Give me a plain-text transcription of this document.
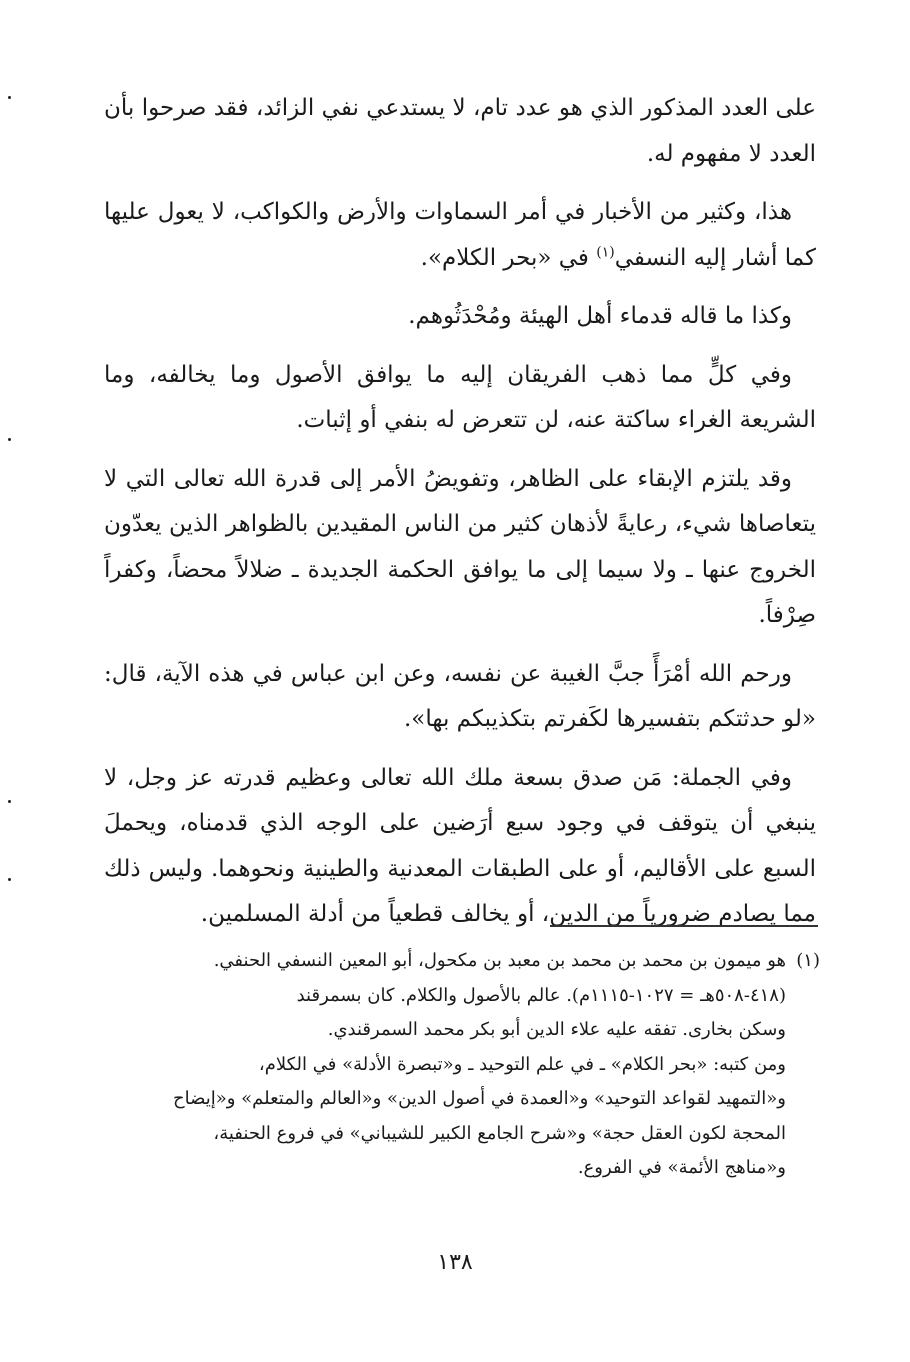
على العدد المذكور الذي هو عدد تام، لا يستدعي نفي الزائد، فقد صرحوا بأن العدد لا مفهوم له.

هذا، وكثير من الأخبار في أمر السماوات والأرض والكواكب، لا يعول عليها كما أشار إليه النسفي$^{(١)}$ في «بحر الكلام».

وكذا ما قاله قدماء أهل الهيئة ومُحْدَثُوهم.

وفي كلٍّ مما ذهب الفريقان إليه ما يوافق الأصول وما يخالفه، وما الشريعة الغراء ساكتة عنه، لن تتعرض له بنفي أو إثبات.

وقد يلتزم الإبقاء على الظاهر، وتفويضُ الأمر إلى قدرة الله تعالى التي لا يتعاصاها شيء، رعايةً لأذهان كثير من الناس المقيدين بالظواهر الذين يعدّون الخروج عنها ـ ولا سيما إلى ما يوافق الحكمة الجديدة ـ ضلالاً محضاً، وكفراً صِرْفاً.

ورحم الله أمْرَأً جبَّ الغيبة عن نفسه، وعن ابن عباس في هذه الآية، قال: «لو حدثتكم بتفسيرها لكَفرتم بتكذيبكم بها».

وفي الجملة: مَن صدق بسعة ملك الله تعالى وعظيم قدرته عز وجل، لا ينبغي أن يتوقف في وجود سبع أرَضين على الوجه الذي قدمناه، ويحملَ السبع على الأقاليم، أو على الطبقات المعدنية والطينية ونحوهما. وليس ذلك مما يصادم ضرورياً من الدين، أو يخالف قطعياً من أدلة المسلمين.

(١)
هو ميمون بن محمد بن محمد بن معبد بن مكحول، أبو المعين النسفي الحنفي.
(٤١٨-٥٠٨هـ = ١٠٢٧-١١١٥م). عالم بالأصول والكلام. كان بسمرقند
وسكن بخارى. تفقه عليه علاء الدين أبو بكر محمد السمرقندي.
ومن كتبه: «بحر الكلام» ـ في علم التوحيد ـ و«تبصرة الأدلة» في الكلام،
و«التمهيد لقواعد التوحيد» و«العمدة في أصول الدين» و«العالم والمتعلم» و«إيضاح
المحجة لكون العقل حجة» و«شرح الجامع الكبير للشيباني» في فروع الحنفية،
و«مناهج الأئمة» في الفروع.
١٣٨
